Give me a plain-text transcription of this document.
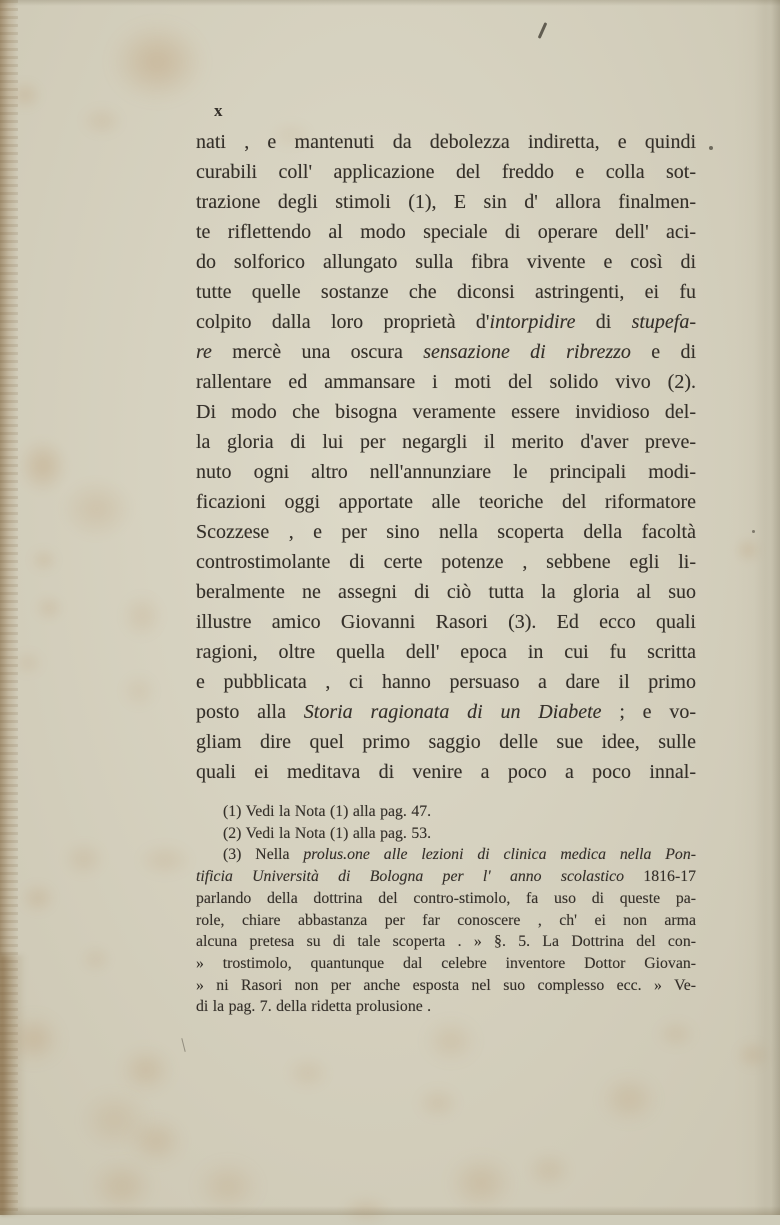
x
nati , e mantenuti da debolezza indiretta, e quindi
curabili coll' applicazione del freddo e colla sot-
trazione degli stimoli (1), E sin d' allora finalmen-
te riflettendo al modo speciale di operare dell' aci-
do solforico allungato sulla fibra vivente e così di
tutte quelle sostanze che diconsi astringenti, ei fu
colpito dalla loro proprietà d'intorpidire di stupefa-
re mercè una oscura sensazione di ribrezzo e di
rallentare ed ammansare i moti del solido vivo (2).
Di modo che bisogna veramente essere invidioso del-
la gloria di lui per negargli il merito d'aver preve-
nuto ogni altro nell'annunziare le principali modi-
ficazioni oggi apportate alle teoriche del riformatore
Scozzese , e per sino nella scoperta della facoltà
controstimolante di certe potenze , sebbene egli li-
beralmente ne assegni di ciò tutta la gloria al suo
illustre amico Giovanni Rasori (3). Ed ecco quali
ragioni, oltre quella dell' epoca in cui fu scritta
e pubblicata , ci hanno persuaso a dare il primo
posto alla Storia ragionata di un Diabete ; e vo-
gliam dire quel primo saggio delle sue idee, sulle
quali ei meditava di venire a poco a poco innal-
(1) Vedi la Nota (1) alla pag. 47.
(2) Vedi la Nota (1) alla pag. 53.
(3) Nella prolus.one alle lezioni di clinica medica nella Pon-
tificia Università di Bologna per l' anno scolastico 1816-17
parlando della dottrina del contro-stimolo, fa uso di queste pa-
role, chiare abbastanza per far conoscere , ch' ei non arma
alcuna pretesa su di tale scoperta . » §. 5. La Dottrina del con-
» trostimolo, quantunque dal celebre inventore Dottor Giovan-
» ni Rasori non per anche esposta nel suo complesso ecc. » Ve-
di la pag. 7. della ridetta prolusione .
